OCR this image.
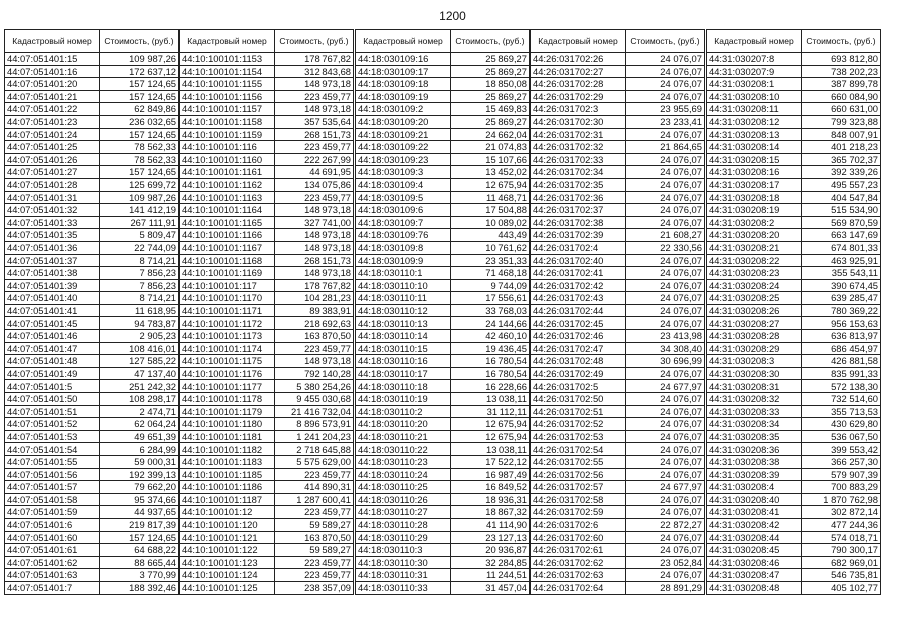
1200
Кадастровый номер	Стоимость, (руб.)
44:07:051401:15	109 987,26
44:07:051401:16	172 637,12
44:07:051401:20	157 124,65
44:07:051401:21	157 124,65
44:07:051401:22	62 849,86
44:07:051401:23	236 032,65
44:07:051401:24	157 124,65
44:07:051401:25	78 562,33
44:07:051401:26	78 562,33
44:07:051401:27	157 124,65
44:07:051401:28	125 699,72
44:07:051401:31	109 987,26
44:07:051401:32	141 412,19
44:07:051401:33	267 111,91
44:07:051401:35	5 809,47
44:07:051401:36	22 744,09
44:07:051401:37	8 714,21
44:07:051401:38	7 856,23
44:07:051401:39	7 856,23
44:07:051401:40	8 714,21
44:07:051401:41	11 618,95
44:07:051401:45	94 783,87
44:07:051401:46	2 905,23
44:07:051401:47	108 416,01
44:07:051401:48	127 585,22
44:07:051401:49	47 137,40
44:07:051401:5	251 242,32
44:07:051401:50	108 298,17
44:07:051401:51	2 474,71
44:07:051401:52	62 064,24
44:07:051401:53	49 651,39
44:07:051401:54	6 284,99
44:07:051401:55	59 000,31
44:07:051401:56	192 399,13
44:07:051401:57	79 662,20
44:07:051401:58	95 374,66
44:07:051401:59	44 937,65
44:07:051401:6	219 817,39
44:07:051401:60	157 124,65
44:07:051401:61	64 688,22
44:07:051401:62	88 665,44
44:07:051401:63	3 770,99
44:07:051401:7	188 392,46
Кадастровый номер	Стоимость, (руб.)
44:10:100101:1153	178 767,82
44:10:100101:1154	312 843,68
44:10:100101:1155	148 973,18
44:10:100101:1156	223 459,77
44:10:100101:1157	148 973,18
44:10:100101:1158	357 535,64
44:10:100101:1159	268 151,73
44:10:100101:116	223 459,77
44:10:100101:1160	222 267,99
44:10:100101:1161	44 691,95
44:10:100101:1162	134 075,86
44:10:100101:1163	223 459,77
44:10:100101:1164	148 973,18
44:10:100101:1165	327 741,00
44:10:100101:1166	148 973,18
44:10:100101:1167	148 973,18
44:10:100101:1168	268 151,73
44:10:100101:1169	148 973,18
44:10:100101:117	178 767,82
44:10:100101:1170	104 281,23
44:10:100101:1171	89 383,91
44:10:100101:1172	218 692,63
44:10:100101:1173	163 870,50
44:10:100101:1174	223 459,77
44:10:100101:1175	148 973,18
44:10:100101:1176	792 140,28
44:10:100101:1177	5 380 254,26
44:10:100101:1178	9 455 030,68
44:10:100101:1179	21 416 732,04
44:10:100101:1180	8 896 573,91
44:10:100101:1181	1 241 204,23
44:10:100101:1182	2 718 645,88
44:10:100101:1183	5 575 629,00
44:10:100101:1185	223 459,77
44:10:100101:1186	414 890,31
44:10:100101:1187	1 287 600,41
44:10:100101:12	223 459,77
44:10:100101:120	59 589,27
44:10:100101:121	163 870,50
44:10:100101:122	59 589,27
44:10:100101:123	223 459,77
44:10:100101:124	223 459,77
44:10:100101:125	238 357,09
Кадастровый номер	Стоимость, (руб.)
44:18:030109:16	25 869,27
44:18:030109:17	25 869,27
44:18:030109:18	18 850,08
44:18:030109:19	25 869,27
44:18:030109:2	15 469,83
44:18:030109:20	25 869,27
44:18:030109:21	24 662,04
44:18:030109:22	21 074,83
44:18:030109:23	15 107,66
44:18:030109:3	13 452,02
44:18:030109:4	12 675,94
44:18:030109:5	11 468,71
44:18:030109:6	17 504,88
44:18:030109:7	10 089,02
44:18:030109:76	443,49
44:18:030109:8	10 761,62
44:18:030109:9	23 351,33
44:18:030110:1	71 468,18
44:18:030110:10	9 744,09
44:18:030110:11	17 556,61
44:18:030110:12	33 768,03
44:18:030110:13	24 144,66
44:18:030110:14	42 460,10
44:18:030110:15	19 436,45
44:18:030110:16	16 780,54
44:18:030110:17	16 780,54
44:18:030110:18	16 228,66
44:18:030110:19	13 038,11
44:18:030110:2	31 112,11
44:18:030110:20	12 675,94
44:18:030110:21	12 675,94
44:18:030110:22	13 038,11
44:18:030110:23	17 522,12
44:18:030110:24	16 987,49
44:18:030110:25	16 849,52
44:18:030110:26	18 936,31
44:18:030110:27	18 867,32
44:18:030110:28	41 114,90
44:18:030110:29	23 127,13
44:18:030110:3	20 936,87
44:18:030110:30	32 284,85
44:18:030110:31	11 244,51
44:18:030110:33	31 457,04
Кадастровый номер	Стоимость, (руб.)
44:26:031702:26	24 076,07
44:26:031702:27	24 076,07
44:26:031702:28	24 076,07
44:26:031702:29	24 076,07
44:26:031702:3	23 955,69
44:26:031702:30	23 233,41
44:26:031702:31	24 076,07
44:26:031702:32	21 864,65
44:26:031702:33	24 076,07
44:26:031702:34	24 076,07
44:26:031702:35	24 076,07
44:26:031702:36	24 076,07
44:26:031702:37	24 076,07
44:26:031702:38	24 076,07
44:26:031702:39	21 608,27
44:26:031702:4	22 330,56
44:26:031702:40	24 076,07
44:26:031702:41	24 076,07
44:26:031702:42	24 076,07
44:26:031702:43	24 076,07
44:26:031702:44	24 076,07
44:26:031702:45	24 076,07
44:26:031702:46	23 413,98
44:26:031702:47	34 308,40
44:26:031702:48	30 696,99
44:26:031702:49	24 076,07
44:26:031702:5	24 677,97
44:26:031702:50	24 076,07
44:26:031702:51	24 076,07
44:26:031702:52	24 076,07
44:26:031702:53	24 076,07
44:26:031702:54	24 076,07
44:26:031702:55	24 076,07
44:26:031702:56	24 076,07
44:26:031702:57	24 677,97
44:26:031702:58	24 076,07
44:26:031702:59	24 076,07
44:26:031702:6	22 872,27
44:26:031702:60	24 076,07
44:26:031702:61	24 076,07
44:26:031702:62	23 052,84
44:26:031702:63	24 076,07
44:26:031702:64	28 891,29
Кадастровый номер	Стоимость, (руб.)
44:31:030207:8	693 812,80
44:31:030207:9	738 202,23
44:31:030208:1	387 899,78
44:31:030208:10	660 084,90
44:31:030208:11	660 631,00
44:31:030208:12	799 323,88
44:31:030208:13	848 007,91
44:31:030208:14	401 218,23
44:31:030208:15	365 702,37
44:31:030208:16	392 339,26
44:31:030208:17	495 557,23
44:31:030208:18	404 547,84
44:31:030208:19	515 534,90
44:31:030208:2	569 870,59
44:31:030208:20	663 147,69
44:31:030208:21	674 801,33
44:31:030208:22	463 925,91
44:31:030208:23	355 543,11
44:31:030208:24	390 674,45
44:31:030208:25	639 285,47
44:31:030208:26	780 369,22
44:31:030208:27	956 153,63
44:31:030208:28	636 813,97
44:31:030208:29	686 454,97
44:31:030208:3	426 881,58
44:31:030208:30	835 991,33
44:31:030208:31	572 138,30
44:31:030208:32	732 514,60
44:31:030208:33	355 713,53
44:31:030208:34	430 629,80
44:31:030208:35	536 067,50
44:31:030208:36	399 553,42
44:31:030208:38	366 257,30
44:31:030208:39	579 907,39
44:31:030208:4	700 883,29
44:31:030208:40	1 870 762,98
44:31:030208:41	302 872,14
44:31:030208:42	477 244,36
44:31:030208:44	574 018,71
44:31:030208:45	790 300,17
44:31:030208:46	682 969,01
44:31:030208:47	546 735,81
44:31:030208:48	405 102,77
